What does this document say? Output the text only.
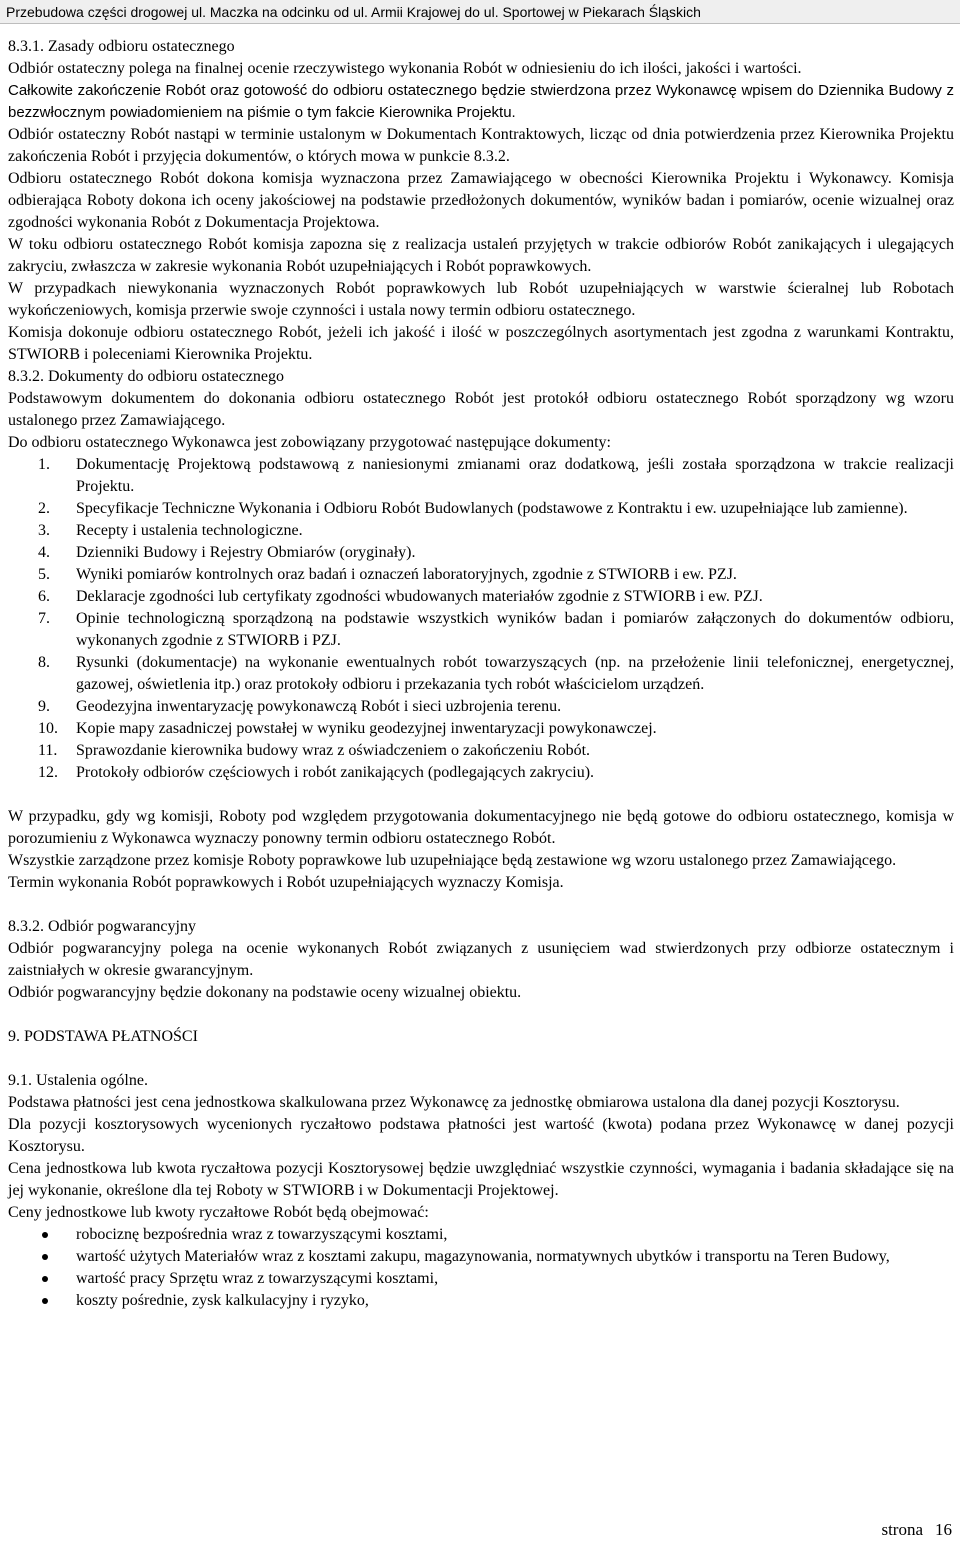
Przebudowa części drogowej ul. Maczka na odcinku od ul. Armii Krajowej do ul. Sportowej w Piekarach Śląskich

8.3.1. Zasady odbioru ostatecznego

Odbiór ostateczny polega na finalnej ocenie rzeczywistego wykonania Robót w odniesieniu do ich ilości, jakości i wartości.

Całkowite zakończenie Robót oraz gotowość do odbioru ostatecznego będzie stwierdzona przez Wykonawcę wpisem do Dziennika Budowy z bezzwłocznym powiadomieniem na piśmie o tym fakcie Kierownika Projektu.

Odbiór ostateczny Robót nastąpi w terminie ustalonym w Dokumentach Kontraktowych, licząc od dnia potwierdzenia przez Kierownika Projektu zakończenia Robót i przyjęcia dokumentów, o których mowa w punkcie 8.3.2.

Odbioru ostatecznego Robót dokona komisja wyznaczona przez Zamawiającego w obecności Kierownika Projektu i Wykonawcy. Komisja odbierająca Roboty dokona ich oceny jakościowej na podstawie przedłożonych dokumentów, wyników badan i pomiarów, ocenie wizualnej oraz zgodności wykonania Robót z Dokumentacja Projektowa.

W toku odbioru ostatecznego Robót komisja zapozna się z realizacja ustaleń przyjętych w trakcie odbiorów Robót zanikających i ulegających zakryciu, zwłaszcza w zakresie wykonania Robót uzupełniających i Robót poprawkowych.

W przypadkach niewykonania wyznaczonych Robót poprawkowych lub Robót uzupełniających w warstwie ścieralnej lub Robotach wykończeniowych, komisja przerwie swoje czynności i ustala nowy termin odbioru ostatecznego.

Komisja dokonuje odbioru ostatecznego Robót, jeżeli ich jakość i ilość w poszczególnych asortymentach jest zgodna z warunkami Kontraktu, STWIORB i poleceniami Kierownika Projektu.

8.3.2. Dokumenty do odbioru ostatecznego

Podstawowym dokumentem do dokonania odbioru ostatecznego Robót jest protokół odbioru ostatecznego Robót sporządzony wg wzoru ustalonego przez Zamawiającego.

Do odbioru ostatecznego Wykonawca jest zobowiązany przygotować następujące dokumenty:

1. Dokumentację Projektową podstawową z naniesionymi zmianami oraz dodatkową, jeśli została sporządzona w trakcie realizacji Projektu.
2. Specyfikacje Techniczne Wykonania i Odbioru Robót Budowlanych (podstawowe z Kontraktu i ew. uzupełniające lub zamienne).
3. Recepty i ustalenia technologiczne.
4. Dzienniki Budowy i Rejestry Obmiarów (oryginały).
5. Wyniki pomiarów kontrolnych oraz badań i oznaczeń laboratoryjnych, zgodnie z STWIORB i ew. PZJ.
6. Deklaracje zgodności lub certyfikaty zgodności wbudowanych materiałów zgodnie z STWIORB i ew. PZJ.
7. Opinie technologiczną sporządzoną na podstawie wszystkich wyników badan i pomiarów załączonych do dokumentów odbioru, wykonanych zgodnie z STWIORB i PZJ.
8. Rysunki (dokumentacje) na wykonanie ewentualnych robót towarzyszących (np. na przełożenie linii telefonicznej, energetycznej, gazowej, oświetlenia itp.) oraz protokoły odbioru i przekazania tych robót właścicielom urządzeń.
9. Geodezyjna inwentaryzację powykonawczą Robót i sieci uzbrojenia terenu.
10. Kopie mapy zasadniczej powstałej w wyniku geodezyjnej inwentaryzacji powykonawczej.
11. Sprawozdanie kierownika budowy wraz z oświadczeniem o zakończeniu Robót.
12. Protokoły odbiorów częściowych i robót zanikających (podlegających zakryciu).

W przypadku, gdy wg komisji, Roboty pod względem przygotowania dokumentacyjnego nie będą gotowe do odbioru ostatecznego, komisja w porozumieniu z Wykonawca wyznaczy ponowny termin odbioru ostatecznego Robót.

Wszystkie zarządzone przez komisje Roboty poprawkowe lub uzupełniające będą zestawione wg wzoru ustalonego przez Zamawiającego.

Termin wykonania Robót poprawkowych i Robót uzupełniających wyznaczy Komisja.

8.3.2. Odbiór pogwarancyjny

Odbiór pogwarancyjny polega na ocenie wykonanych Robót związanych z usunięciem wad stwierdzonych przy odbiorze ostatecznym i zaistniałych w okresie gwarancyjnym.

Odbiór pogwarancyjny będzie dokonany na podstawie oceny wizualnej obiektu.

9. PODSTAWA PŁATNOŚCI

9.1. Ustalenia ogólne.

Podstawa płatności jest cena jednostkowa skalkulowana przez Wykonawcę za jednostkę obmiarowa ustalona dla danej pozycji Kosztorysu.

Dla pozycji kosztorysowych wycenionych ryczałtowo podstawa płatności jest wartość (kwota) podana przez Wykonawcę w danej pozycji Kosztorysu.

Cena jednostkowa lub kwota ryczałtowa pozycji Kosztorysowej będzie uwzględniać wszystkie czynności, wymagania i badania składające się na jej wykonanie, określone dla tej Roboty w STWIORB i w Dokumentacji Projektowej.

Ceny jednostkowe lub kwoty ryczałtowe Robót będą obejmować:

robociznę bezpośrednia wraz z towarzyszącymi kosztami,
wartość użytych Materiałów wraz z kosztami zakupu, magazynowania, normatywnych ubytków i transportu na Teren Budowy,
wartość pracy Sprzętu wraz z towarzyszącymi kosztami,
koszty pośrednie, zysk kalkulacyjny i ryzyko,
strona 16
